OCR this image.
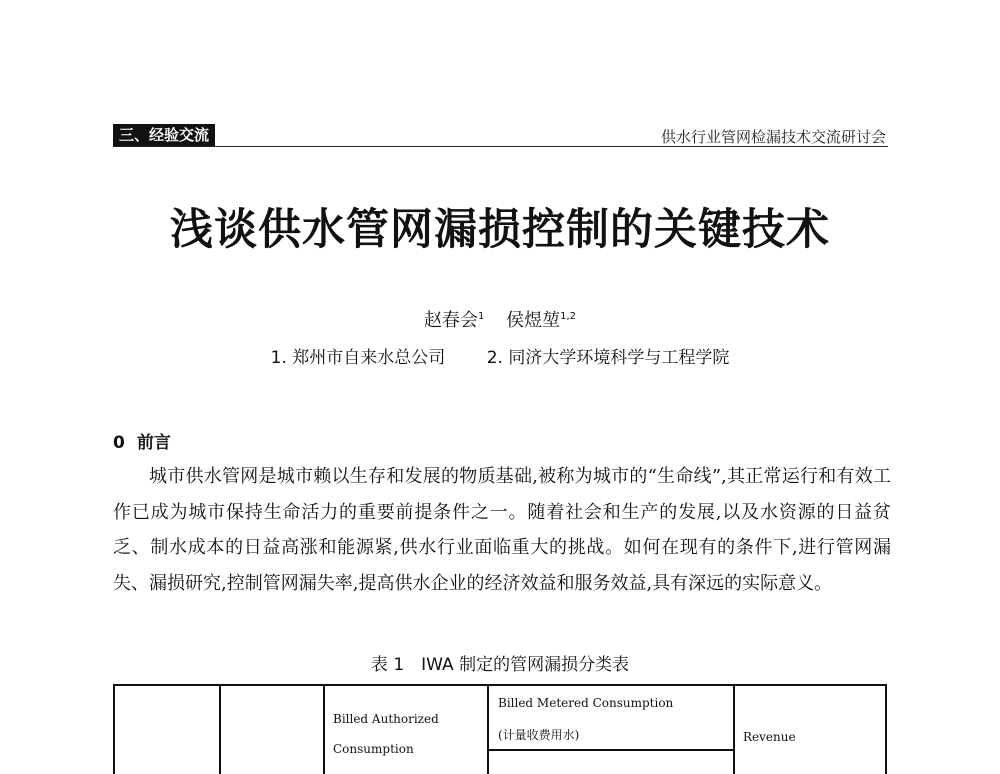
三、经验交流	供水行业管网检漏技术交流研讨会
浅谈供水管网漏损控制的关键技术
赵春会$^1$ 侯煜堃$^{1,2}$
1. 郑州市自来水总公司 2. 同济大学环境科学与工程学院
0 前言

城市供水管网是城市赖以生存和发展的物质基础,被称为城市的“生命线”,其正常运行和有效工作已成为城市保持生命活力的重要前提条件之一。随着社会和生产的发展,以及水资源的日益贫乏、制水成本的日益高涨和能源紧,供水行业面临重大的挑战。如何在现有的条件下,进行管网漏失、漏损研究,控制管网漏失率,提高供水企业的经济效益和服务效益,具有深远的实际意义。

表 1　IWA 制定的管网漏损分类表
Billed Authorized
Consumption
Billed Metered Consumption
(计量收费用水)	Revenue
